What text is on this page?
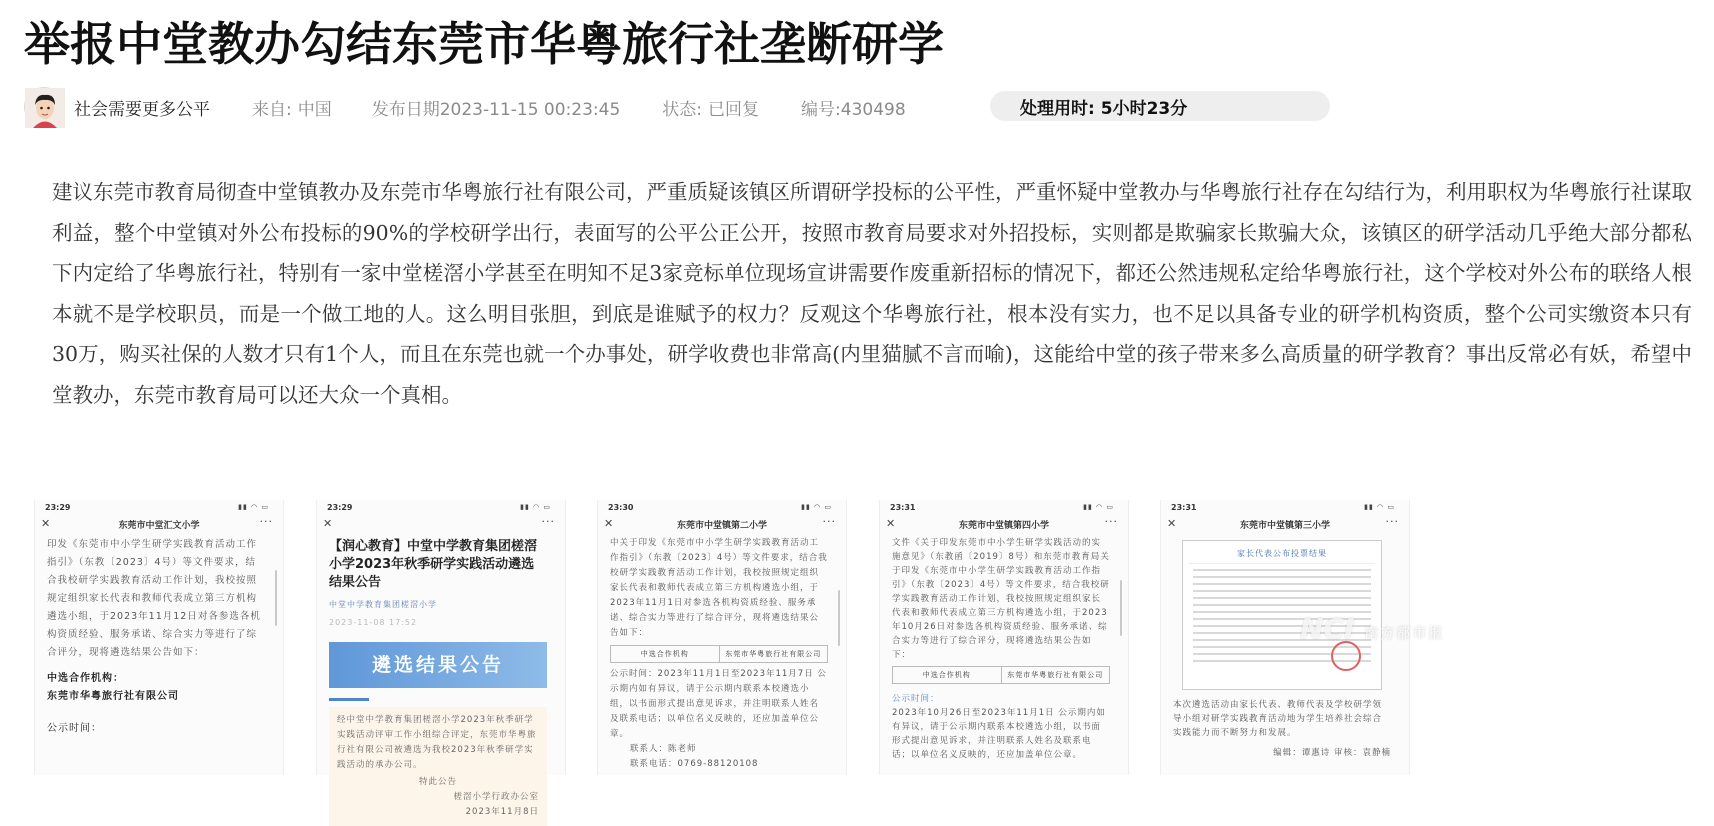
举报中堂教办勾结东莞市华粤旅行社垄断研学
社会需要更多公平 来自: 中国 发布日期2023-11-15 00:23:45 状态: 已回复 编号:430498	处理用时:
5小时23分

建议东莞市教育局彻查中堂镇教办及东莞市华粤旅行社有限公司，严重质疑该镇区所谓研学投标的公平性，严重怀疑中堂教办与华粤旅行社存在勾结行为，利用职权为华粤旅行社谋取利益，整个中堂镇对外公布投标的90%的学校研学出行，表面写的公平公正公开，按照市教育局要求对外招投标，实则都是欺骗家长欺骗大众，该镇区的研学活动几乎绝大部分都私下内定给了华粤旅行社，特别有一家中堂槎滘小学甚至在明知不足3家竞标单位现场宣讲需要作废重新招标的情况下，都还公然违规私定给华粤旅行社，这个学校对外公布的联络人根本就不是学校职员，而是一个做工地的人。这么明目张胆，到底是谁赋予的权力？反观这个华粤旅行社，根本没有实力，也不足以具备专业的研学机构资质，整个公司实缴资本只有30万，购买社保的人数才只有1个人，而且在东莞也就一个办事处，研学收费也非常高(内里猫腻不言而喻)，这能给中堂的孩子带来多么高质量的研学教育？事出反常必有妖，希望中堂教办，东莞市教育局可以还大众一个真相。

23:29	▮▮ ◠ ▭
✕	东莞市中堂汇文小学	···
印发《东莞市中小学生研学实践教育活动工作指引》（东教〔2023〕4号）等文件要求，结合我校研学实践教育活动工作计划，我校按照规定组织家长代表和教师代表成立第三方机构遴选小组，于2023年11月12日对各参选各机构资质经验、服务承诺、综合实力等进行了综合评分，现将遴选结果公告如下：
中选合作机构：
东莞市华粤旅行社有限公司
公示时间：
23:29	▮▮ ◠ ▭
✕	···
【润心教育】中堂中学教育集团槎滘小学2023年秋季研学实践活动遴选结果公告
中堂中学教育集团槎滘小学
2023-11-08 17:52
遴选结果公告
经中堂中学教育集团槎滘小学2023年秋季研学实践活动评审工作小组综合评定，东莞市华粤旅行社有限公司被遴选为我校2023年秋季研学实践活动的承办公司。
特此公告
槎滘小学行政办公室
2023年11月8日
23:30	▮▮ ◠ ▭
✕	东莞市中堂镇第二小学	···
中关于印发《东莞市中小学生研学实践教育活动工作指引》（东教〔2023〕4号）等文件要求，结合我校研学实践教育活动工作计划，我校按照规定组织家长代表和教师代表成立第三方机构遴选小组，于2023年11月1日对参选各机构资质经验、服务承诺、综合实力等进行了综合评分，现将遴选结果公告如下：
中选合作机构	东莞市华粤旅行社有限公司
公示时间：2023年11月1日至2023年11月7日 公示期内如有异议，请于公示期内联系本校遴选小组，以书面形式提出意见诉求，并注明联系人姓名及联系电话；以单位名义反映的，还应加盖单位公章。
联系人：陈老师
联系电话：0769-88120108
23:31	▮▮ ◠ ▭
✕	东莞市中堂镇第四小学	···
文件《关于印发东莞市中小学生研学实践活动的实施意见》（东教函〔2019〕8号）和东莞市教育局关于印发《东莞市中小学生研学实践教育活动工作指引》（东教〔2023〕4号）等文件要求，结合我校研学实践教育活动工作计划，我校按照规定组织家长代表和教师代表成立第三方机构遴选小组，于2023年10月26日对参选各机构资质经验、服务承诺、综合实力等进行了综合评分，现将遴选结果公告如下：
中选合作机构	东莞市华粤旅行社有限公司
公示时间：
2023年10月26日至2023年11月1日 公示期内如有异议，请于公示期内联系本校遴选小组，以书面形式提出意见诉求，并注明联系人姓名及联系电话；以单位名义反映的，还应加盖单位公章。
23:31	▮▮ ◠ ▭
✕	东莞市中堂镇第三小学	···
家长代表公布投票结果
本次遴选活动由家长代表、教师代表及学校研学领导小组对研学实践教育活动地为学生培养社会综合实践能力而不断努力和发展。
编辑：谭惠诗 审核：袁静楠
NCI 南方都市报
